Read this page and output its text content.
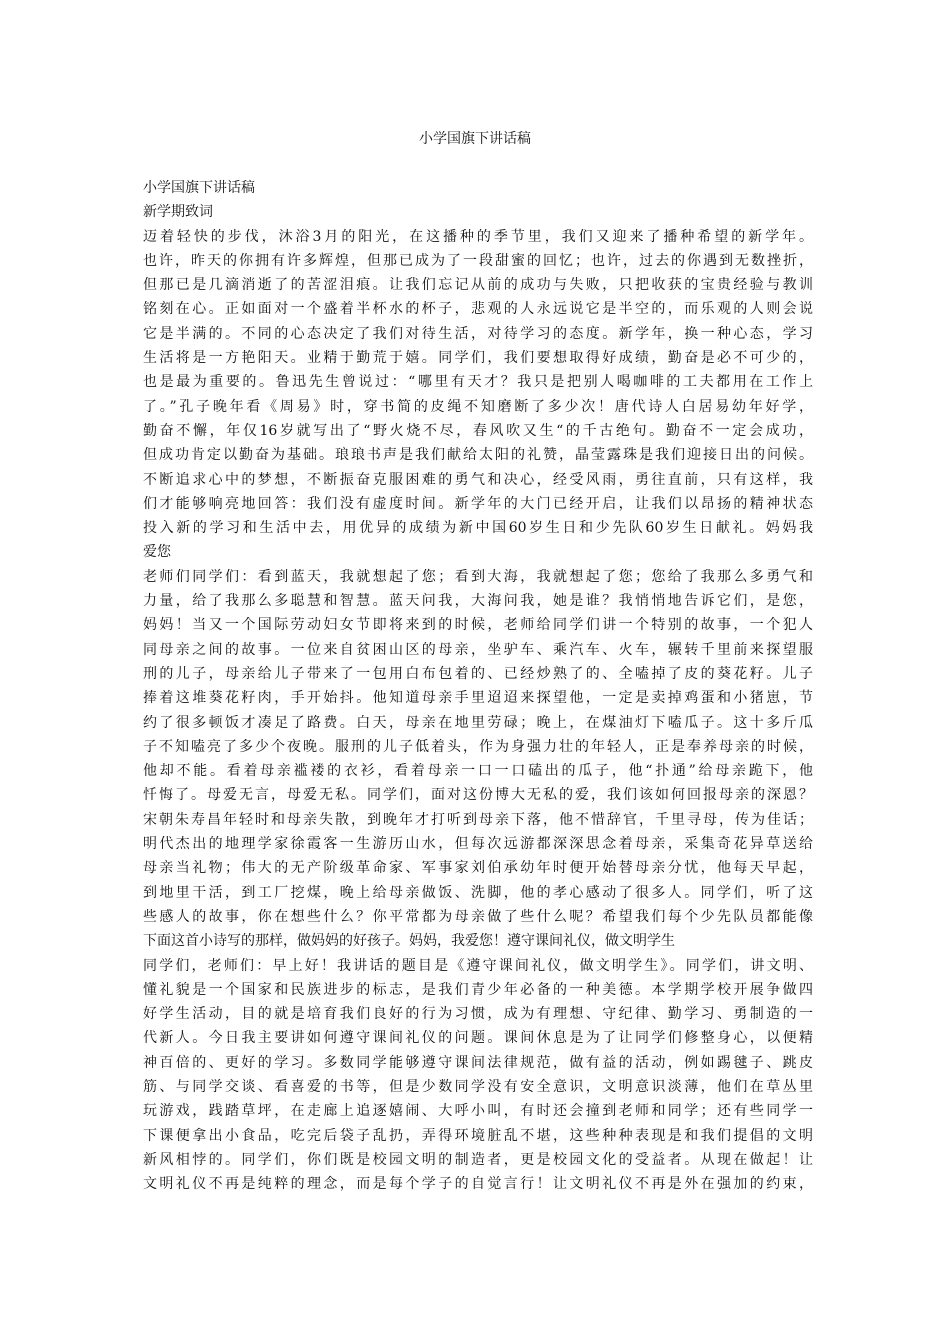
小学国旗下讲话稿

小学国旗下讲话稿

新学期致词

迈着轻快的步伐，沐浴3月的阳光，在这播种的季节里，我们又迎来了播种希望的新学年。

也许，昨天的你拥有许多辉煌，但那已成为了一段甜蜜的回忆；也许，过去的你遇到无数挫折，

但那已是几滴消逝了的苦涩泪痕。让我们忘记从前的成功与失败，只把收获的宝贵经验与教训

铭刻在心。正如面对一个盛着半杯水的杯子，悲观的人永远说它是半空的，而乐观的人则会说

它是半满的。不同的心态决定了我们对待生活，对待学习的态度。新学年，换一种心态，学习

生活将是一方艳阳天。业精于勤荒于嬉。同学们，我们要想取得好成绩，勤奋是必不可少的，

也是最为重要的。鲁迅先生曾说过：“哪里有天才？我只是把别人喝咖啡的工夫都用在工作上

了。”孔子晚年看《周易》时，穿书简的皮绳不知磨断了多少次！唐代诗人白居易幼年好学，

勤奋不懈，年仅16岁就写出了“野火烧不尽，春风吹又生“的千古绝句。勤奋不一定会成功，

但成功肯定以勤奋为基础。琅琅书声是我们献给太阳的礼赞，晶莹露珠是我们迎接日出的问候。

不断追求心中的梦想，不断振奋克服困难的勇气和决心，经受风雨，勇往直前，只有这样，我

们才能够响亮地回答：我们没有虚度时间。新学年的大门已经开启，让我们以昂扬的精神状态

投入新的学习和生活中去，用优异的成绩为新中国60岁生日和少先队60岁生日献礼。妈妈我

爱您

老师们同学们：看到蓝天，我就想起了您；看到大海，我就想起了您；您给了我那么多勇气和

力量，给了我那么多聪慧和智慧。蓝天问我，大海问我，她是谁？我悄悄地告诉它们，是您，

妈妈！当又一个国际劳动妇女节即将来到的时候，老师给同学们讲一个特别的故事，一个犯人

同母亲之间的故事。一位来自贫困山区的母亲，坐驴车、乘汽车、火车，辗转千里前来探望服

刑的儿子，母亲给儿子带来了一包用白布包着的、已经炒熟了的、全嗑掉了皮的葵花籽。儿子

捧着这堆葵花籽肉，手开始抖。他知道母亲手里迢迢来探望他，一定是卖掉鸡蛋和小猪崽，节

约了很多顿饭才凑足了路费。白天，母亲在地里劳碌；晚上，在煤油灯下嗑瓜子。这十多斤瓜

子不知嗑亮了多少个夜晚。服刑的儿子低着头，作为身强力壮的年轻人，正是奉养母亲的时候，

他却不能。看着母亲褴褛的衣衫，看着母亲一口一口磕出的瓜子，他“扑通”给母亲跪下，他

忏悔了。母爱无言，母爱无私。同学们，面对这份博大无私的爱，我们该如何回报母亲的深恩？

宋朝朱寿昌年轻时和母亲失散，到晚年才打听到母亲下落，他不惜辞官，千里寻母，传为佳话；

明代杰出的地理学家徐霞客一生游历山水，但每次远游都深深思念着母亲，采集奇花异草送给

母亲当礼物；伟大的无产阶级革命家、军事家刘伯承幼年时便开始替母亲分忧，他每天早起，

到地里干活，到工厂挖煤，晚上给母亲做饭、洗脚，他的孝心感动了很多人。同学们，听了这

些感人的故事，你在想些什么？你平常都为母亲做了些什么呢？希望我们每个少先队员都能像

下面这首小诗写的那样，做妈妈的好孩子。妈妈，我爱您！遵守课间礼仪，做文明学生

同学们，老师们：早上好！我讲话的题目是《遵守课间礼仪，做文明学生》。同学们，讲文明、

懂礼貌是一个国家和民族进步的标志，是我们青少年必备的一种美德。本学期学校开展争做四

好学生活动，目的就是培育我们良好的行为习惯，成为有理想、守纪律、勤学习、勇制造的一

代新人。今日我主要讲如何遵守课间礼仪的问题。课间休息是为了让同学们修整身心，以便精

神百倍的、更好的学习。多数同学能够遵守课间法律规范，做有益的活动，例如踢毽子、跳皮

筋、与同学交谈、看喜爱的书等，但是少数同学没有安全意识，文明意识淡薄，他们在草丛里

玩游戏，践踏草坪，在走廊上追逐嬉闹、大呼小叫，有时还会撞到老师和同学；还有些同学一

下课便拿出小食品，吃完后袋子乱扔，弄得环境脏乱不堪，这些种种表现是和我们提倡的文明

新风相悖的。同学们，你们既是校园文明的制造者，更是校园文化的受益者。从现在做起！让

文明礼仪不再是纯粹的理念，而是每个学子的自觉言行！让文明礼仪不再是外在强加的约束，
